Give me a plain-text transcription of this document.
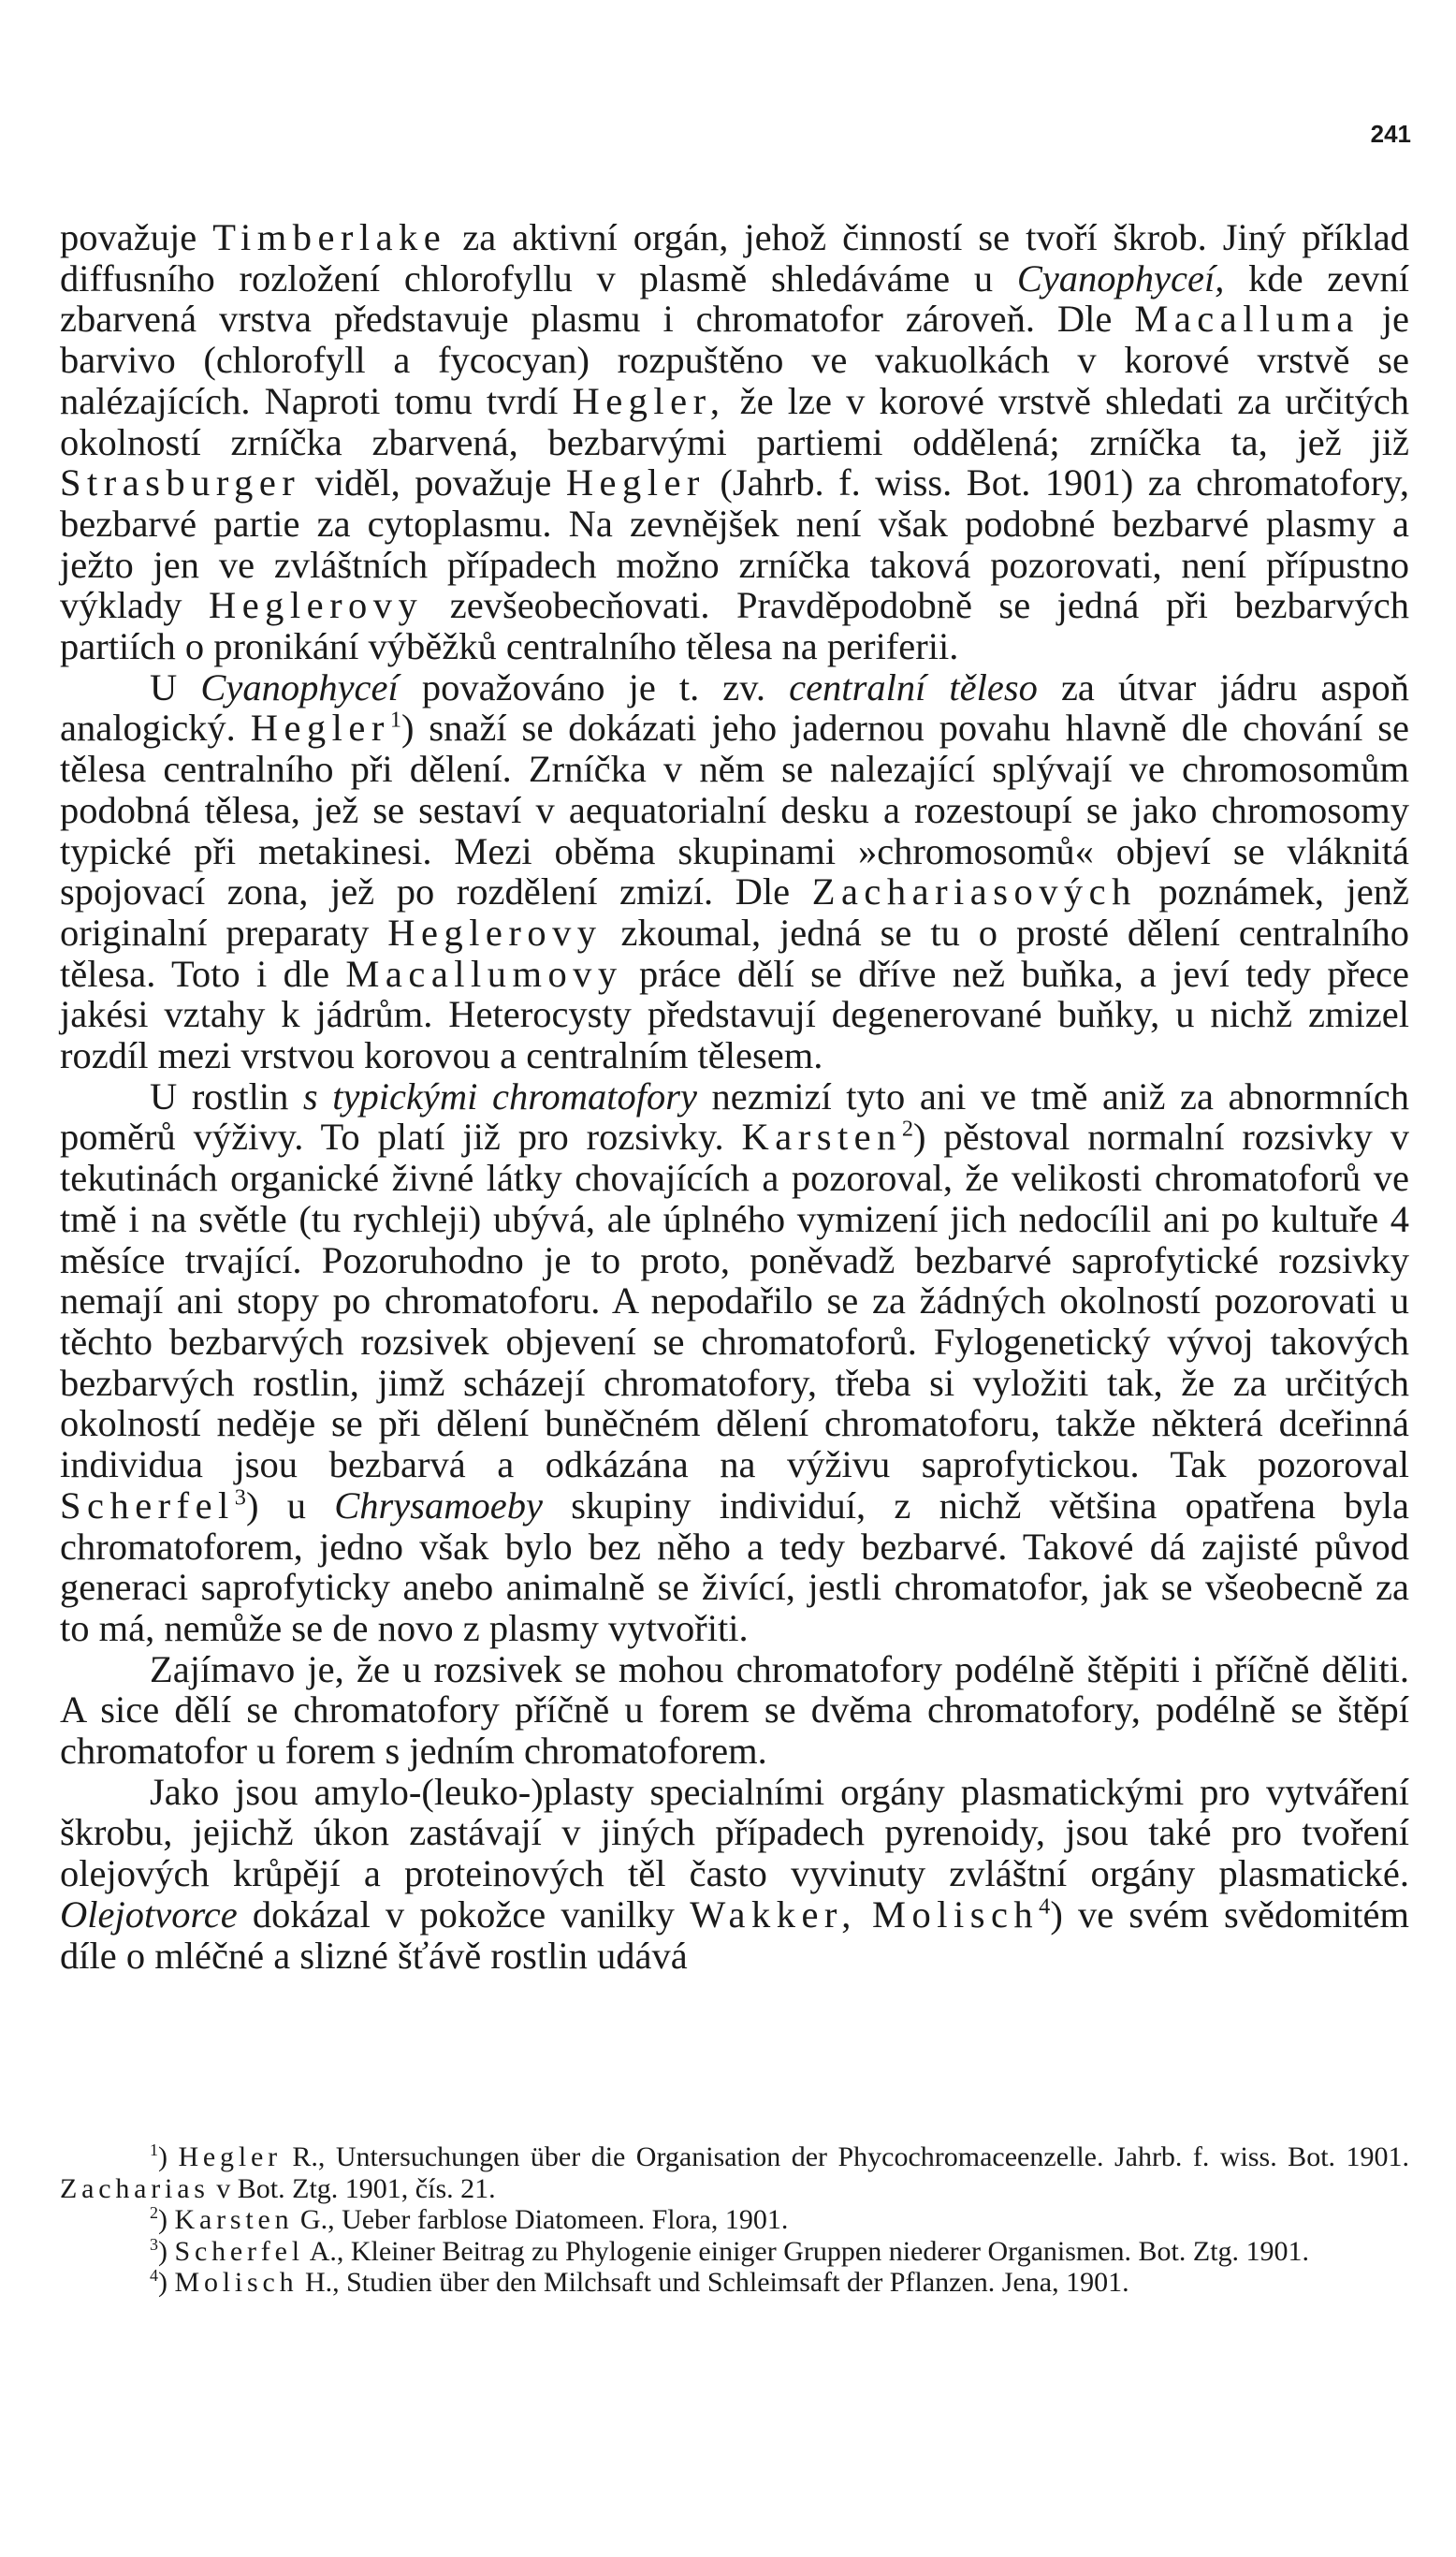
241

považuje Timberlake za aktivní orgán, jehož činností se tvoří škrob. Jiný příklad diffusního rozložení chlorofyllu v plasmě shledáváme u Cyanophyceí, kde zevní zbarvená vrstva představuje plasmu i chromatofor zároveň. Dle Macalluma je barvivo (chlorofyll a fycocyan) rozpuštěno ve vakuolkách v korové vrstvě se nalézajících. Naproti tomu tvrdí Hegler, že lze v korové vrstvě shledati za určitých okolností zrníčka zbarvená, bezbarvými partiemi oddělená; zrníčka ta, jež již Strasburger viděl, považuje Hegler (Jahrb. f. wiss. Bot. 1901) za chromatofory, bezbarvé partie za cytoplasmu. Na zevnějšek není však podobné bezbarvé plasmy a ježto jen ve zvláštních případech možno zrníčka taková pozorovati, není přípustno výklady Heglerovy zevšeobecňovati. Pravděpodobně se jedná při bezbarvých partiích o pronikání výběžků centralního tělesa na periferii.

U Cyanophyceí považováno je t. zv. centralní těleso za útvar jádru aspoň analogický. Hegler$^1$) snaží se dokázati jeho jadernou povahu hlavně dle chování se tělesa centralního při dělení. Zrníčka v něm se nalezající splývají ve chromosomům podobná tělesa, jež se sestaví v aequatorialní desku a rozestoupí se jako chromosomy typické při metakinesi. Mezi oběma skupinami »chromosomů« objeví se vláknitá spojovací zona, jež po rozdělení zmizí. Dle Zachariasových poznámek, jenž originalní preparaty Heglerovy zkoumal, jedná se tu o prosté dělení centralního tělesa. Toto i dle Macallumovy práce dělí se dříve než buňka, a jeví tedy přece jakési vztahy k jádrům. Heterocysty představují degenerované buňky, u nichž zmizel rozdíl mezi vrstvou korovou a centralním tělesem.

U rostlin s typickými chromatofory nezmizí tyto ani ve tmě aniž za abnormních poměrů výživy. To platí již pro rozsivky. Karsten$^2$) pěstoval normalní rozsivky v tekutinách organické živné látky chovajících a pozoroval, že velikosti chromatoforů ve tmě i na světle (tu rychleji) ubývá, ale úplného vymizení jich nedocílil ani po kultuře 4 měsíce trvající. Pozoruhodno je to proto, poněvadž bezbarvé saprofytické rozsivky nemají ani stopy po chromatoforu. A nepodařilo se za žádných okolností pozorovati u těchto bezbarvých rozsivek objevení se chromatoforů. Fylogenetický vývoj takových bezbarvých rostlin, jimž scházejí chromatofory, třeba si vyložiti tak, že za určitých okolností neděje se při dělení buněčném dělení chromatoforu, takže některá dceřinná individua jsou bezbarvá a odkázána na výživu saprofytickou. Tak pozoroval Scherfel$^3$) u Chrysamoeby skupiny individuí, z nichž většina opatřena byla chromatoforem, jedno však bylo bez něho a tedy bezbarvé. Takové dá zajisté původ generaci saprofyticky anebo animalně se živící, jestli chromatofor, jak se všeobecně za to má, nemůže se de novo z plasmy vytvořiti.

Zajímavo je, že u rozsivek se mohou chromatofory podélně štěpiti i příčně děliti. A sice dělí se chromatofory příčně u forem se dvěma chromatofory, podélně se štěpí chromatofor u forem s jedním chromatoforem.

Jako jsou amylo-(leuko-)plasty specialními orgány plasmatickými pro vytváření škrobu, jejichž úkon zastávají v jiných případech pyrenoidy, jsou také pro tvoření olejových krůpějí a proteinových těl často vyvinuty zvláštní orgány plasmatické. Olejotvorce dokázal v pokožce vanilky Wakker, Molisch$^4$) ve svém svědomitém díle o mléčné a slizné šťávě rostlin udává

$^1$) Hegler R., Untersuchungen über die Organisation der Phycochromaceenzelle. Jahrb. f. wiss. Bot. 1901. Zacharias v Bot. Ztg. 1901, čís. 21.

$^2$) Karsten G., Ueber farblose Diatomeen. Flora, 1901.

$^3$) Scherfel A., Kleiner Beitrag zu Phylogenie einiger Gruppen niederer Organismen. Bot. Ztg. 1901.

$^4$) Molisch H., Studien über den Milchsaft und Schleimsaft der Pflanzen. Jena, 1901.
